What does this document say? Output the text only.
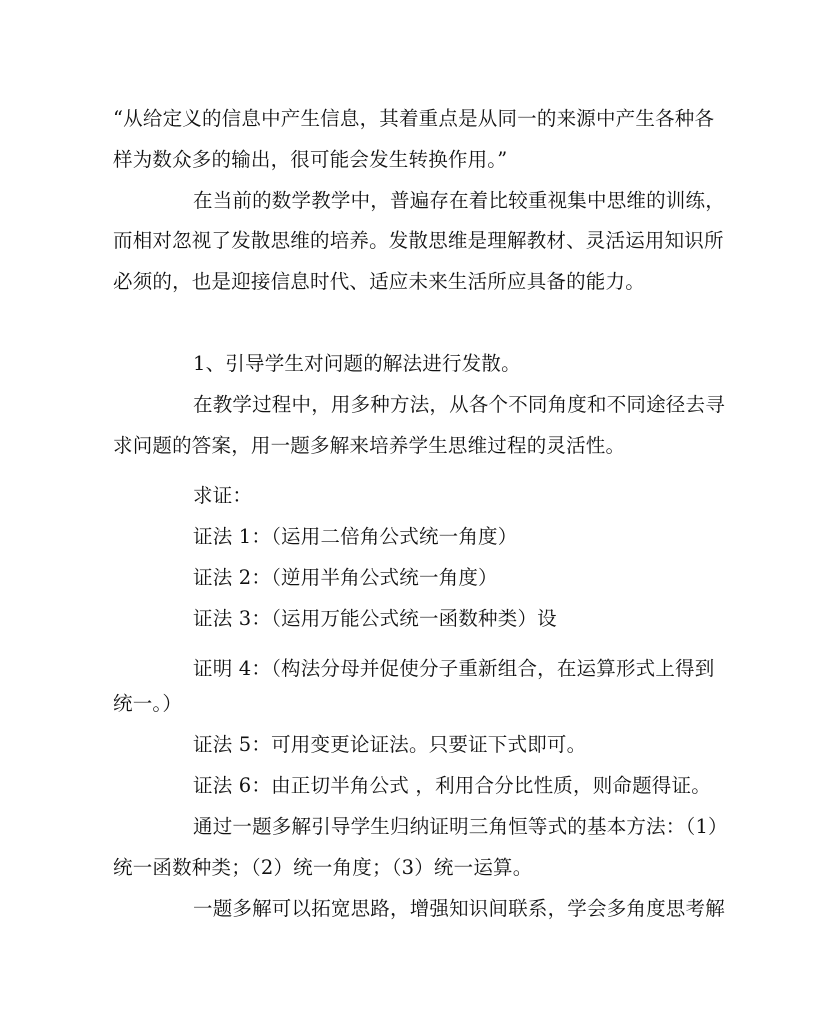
“从给定义的信息中产生信息，其着重点是从同一的来源中产生各种各
样为数众多的输出，很可能会发生转换作用。”
在当前的数学教学中，普遍存在着比较重视集中思维的训练，
而相对忽视了发散思维的培养。发散思维是理解教材、灵活运用知识所
必须的，也是迎接信息时代、适应未来生活所应具备的能力。
1、引导学生对问题的解法进行发散。
在教学过程中，用多种方法，从各个不同角度和不同途径去寻
求问题的答案，用一题多解来培养学生思维过程的灵活性。
求证：
证法 1：（运用二倍角公式统一角度）
证法 2：（逆用半角公式统一角度）
证法 3：（运用万能公式统一函数种类）设
证明 4：（构法分母并促使分子重新组合，在运算形式上得到
统一。）
证法 5：可用变更论证法。只要证下式即可。
证法 6：由正切半角公式 ，利用合分比性质，则命题得证。
通过一题多解引导学生归纳证明三角恒等式的基本方法：（1）
统一函数种类；（2）统一角度；（3）统一运算。
一题多解可以拓宽思路，增强知识间联系，学会多角度思考解
